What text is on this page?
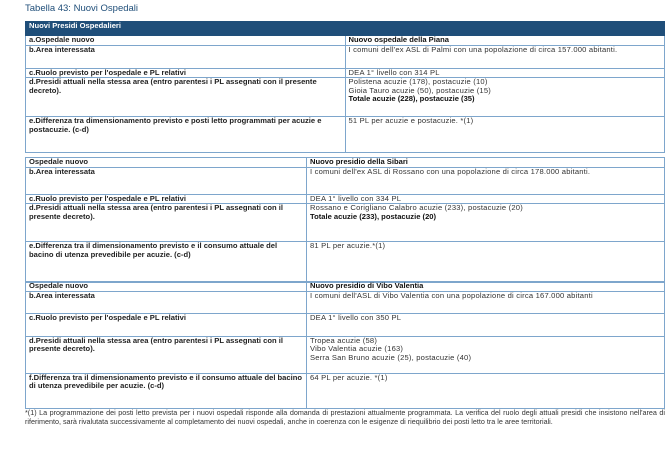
Tabella 43: Nuovi Ospedali
Nuovi Presidi Ospedalieri	
a.Ospedale nuovo	Nuovo ospedale della Piana

b.Area interessata	I comuni dell'ex ASL di Palmi con una popolazione di circa 157.000 abitanti.

c.Ruolo previsto per l'ospedale e PL relativi	DEA 1° livello con 314 PL

d.Presidi attuali nella stessa area (entro parentesi i PL assegnati con il presente decreto).	Polistena acuzie (178), postacuzie (10)
Gioia Tauro acuzie (50), postacuzie (15)
Totale acuzie (228), postacuzie (35)

e.Differenza tra dimensionamento previsto e posti letto programmati per acuzie e postacuzie. (c-d)	51 PL per acuzie e postacuzie. *(1)
Ospedale nuovo	Nuovo presidio della Sibari

b.Area interessata	I comuni dell'ex ASL di Rossano con una popolazione di circa 178.000 abitanti.

c.Ruolo previsto per l'ospedale e PL relativi	DEA 1° livello con 334 PL

d.Presidi attuali nella stessa area (entro parentesi i PL assegnati con il presente decreto).	Rossano e Corigliano Calabro acuzie (233), postacuzie (20)
Totale acuzie (233), postacuzie (20)

e.Differenza tra il dimensionamento previsto e il consumo attuale del bacino di utenza prevedibile per acuzie. (c-d)	81 PL per acuzie.*(1)
Ospedale nuovo	Nuovo presidio di Vibo Valentia

b.Area interessata	I comuni dell'ASL di Vibo Valentia con una popolazione di circa 167.000 abitanti

c.Ruolo previsto per l'ospedale e PL relativi	DEA 1° livello con 350 PL

d.Presidi attuali nella stessa area (entro parentesi i PL assegnati con il presente decreto).	Tropea acuzie (58)
Vibo Valentia acuzie (163)
Serra San Bruno acuzie (25), postacuzie (40)

f.Differenza tra il dimensionamento previsto e il consumo attuale del bacino di utenza prevedibile per acuzie. (c-d)	64 PL per acuzie. *(1)
*(1) La programmazione dei posti letto prevista per i nuovi ospedali risponde alla domanda di prestazioni attualmente programmata. La verifica del ruolo degli attuali presidi che insistono nell'area di riferimento, sarà rivalutata successivamente al completamento dei nuovi ospedali, anche in coerenza con le esigenze di riequilibrio dei posti letto tra le aree territoriali.
